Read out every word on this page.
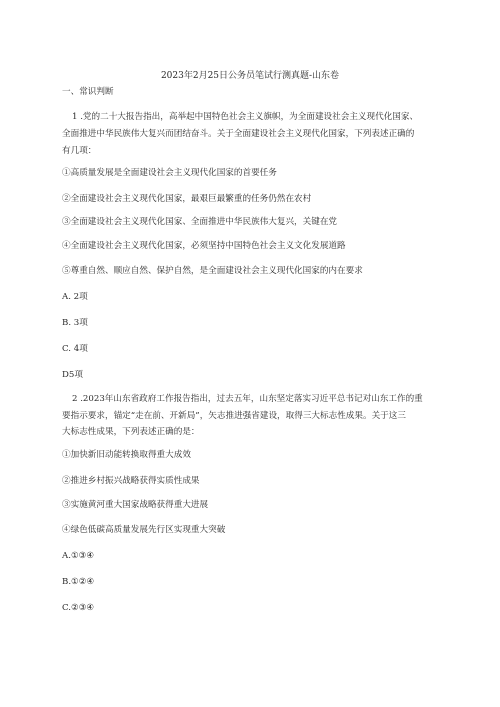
2023年2月25日公务员笔试行测真题-山东卷
一、常识判断
1 .党的二十大报告指出，高举起中国特色社会主义旗帜，为全面建设社会主义现代化国家、
全面推进中华民族伟大复兴而团结奋斗。关于全面建设社会主义现代化国家，下列表述正确的
有几项：
①高质量发展是全面建设社会主义现代化国家的首要任务
②全面建设社会主义现代化国家，最艰巨最繁重的任务仍然在农村
③全面建设社会主义现代化国家、全面推进中华民族伟大复兴，关键在党
④全面建设社会主义现代化国家，必须坚持中国特色社会主义文化发展道路
⑤尊重自然、顺应自然、保护自然，是全面建设社会主义现代化国家的内在要求
A. 2项
B. 3项
C. 4项
D5项
2 .2023年山东省政府工作报告指出，过去五年，山东坚定落实习近平总书记对山东工作的重
要指示要求，锚定“走在前、开新局”，矢志推进强省建设，取得三大标志性成果。关于这三
大标志性成果，下列表述正确的是：
①加快新旧动能转换取得重大成效
②推进乡村振兴战略获得实质性成果
③实施黄河重大国家战略获得重大进展
④绿色低碳高质量发展先行区实现重大突破
A.①③④
B.①②④
C.②③④
